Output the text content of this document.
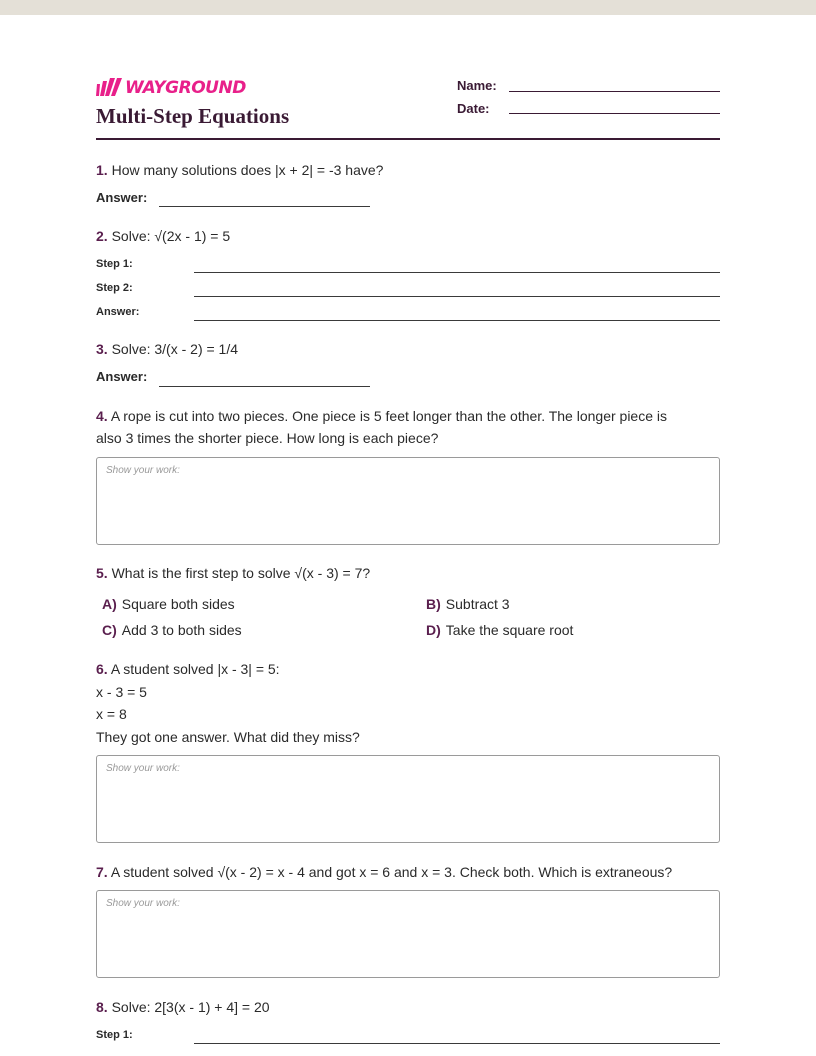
WAYGROUND
Multi-Step Equations
Name:
Date:
1. How many solutions does |x + 2| = -3 have?
Answer:
2. Solve: √(2x - 1) = 5
Step 1:
Step 2:
Answer:
3. Solve: 3/(x - 2) = 1/4
Answer:
4. A rope is cut into two pieces. One piece is 5 feet longer than the other. The longer piece is
also 3 times the shorter piece. How long is each piece?
Show your work:
5. What is the first step to solve √(x - 3) = 7?
A) Square both sides	B) Subtract 3
C) Add 3 to both sides	D) Take the square root
6. A student solved |x - 3| = 5:
x - 3 = 5
x = 8
They got one answer. What did they miss?
Show your work:
7. A student solved √(x - 2) = x - 4 and got x = 6 and x = 3. Check both. Which is extraneous?
Show your work:
8. Solve: 2[3(x - 1) + 4] = 20
Step 1:
